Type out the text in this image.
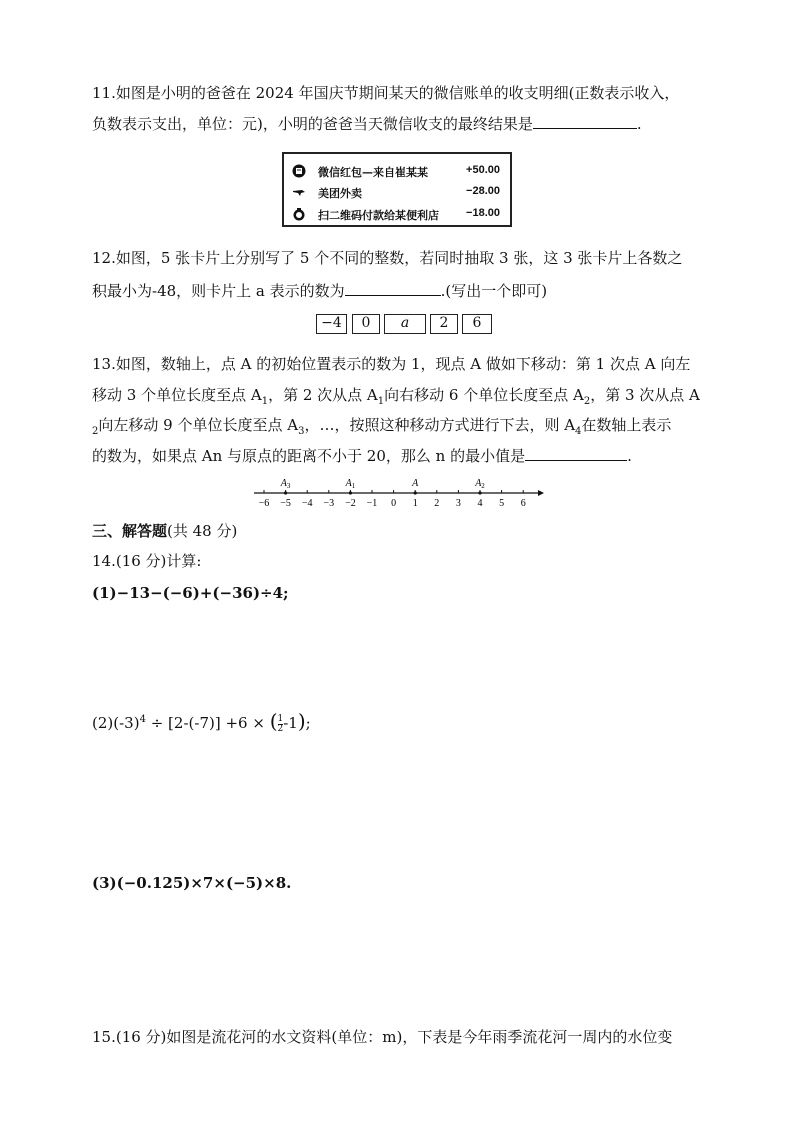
11.如图是小明的爸爸在 2024 年国庆节期间某天的微信账单的收支明细(正数表示收入，
负数表示支出，单位：元)，小明的爸爸当天微信收支的最终结果是	.
微信红包—来自崔某某	+50.00
美团外卖	−28.00
扫二维码付款给某便利店 −18.00
12.如图，5 张卡片上分别写了 5 个不同的整数，若同时抽取 3 张，这 3 张卡片上各数之
积最小为-48，则卡片上 a 表示的数为	.(写出一个即可)
−4	0	a	2	6
13.如图，数轴上，点 A 的初始位置表示的数为 1，现点 A 做如下移动：第 1 次点 A 向左
移动 3 个单位长度至点 $A_1$，第 2 次从点 $A_1$向右移动 6 个单位长度至点 $A_2$，第 3 次从点 A
$_2$向左移动 9 个单位长度至点 $A_3$，…，按照这种移动方式进行下去，则 $A_4$在数轴上表示
的数为，如果点 An 与原点的距离不小于 20，那么 n 的最小值是	.
−6 −5 −4 −3 −2 −1 0 1 2 3 4 5 6
$A_3$	$A_1$	A	$A_2$
三、解答题(共 48 分)
14.(16 分)计算:
(1)−13−(−6)+(−36)÷4;
$(2)(-3)^4 \div [2-(-7)] +6$ × ( $\frac{1}{2} -1$);
(3)(−0.125)×7×(−5)×8.
15.(16 分)如图是流花河的水文资料(单位：m)，下表是今年雨季流花河一周内的水位变
